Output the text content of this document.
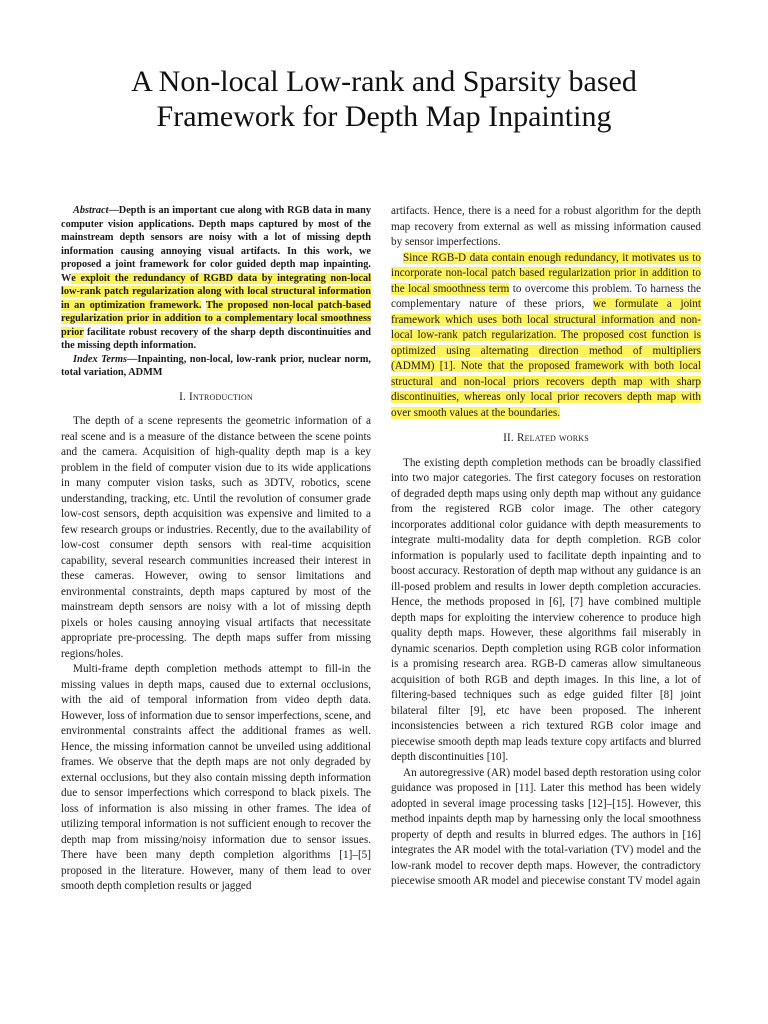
A Non-local Low-rank and Sparsity based Framework for Depth Map Inpainting

Abstract—Depth is an important cue along with RGB data in many computer vision applications. Depth maps captured by most of the mainstream depth sensors are noisy with a lot of missing depth information causing annoying visual artifacts. In this work, we proposed a joint framework for color guided depth map inpainting. We exploit the redundancy of RGBD data by integrating non-local low-rank patch regularization along with local structural information in an optimization framework. The proposed non-local patch-based regularization prior in addition to a complementary local smoothness prior facilitate robust recovery of the sharp depth discontinuities and the missing depth information.

Index Terms—Inpainting, non-local, low-rank prior, nuclear norm, total variation, ADMM

I. Introduction

The depth of a scene represents the geometric information of a real scene and is a measure of the distance between the scene points and the camera. Acquisition of high-quality depth map is a key problem in the field of computer vision due to its wide applications in many computer vision tasks, such as 3DTV, robotics, scene understanding, tracking, etc. Until the revolution of consumer grade low-cost sensors, depth acquisition was expensive and limited to a few research groups or industries. Recently, due to the availability of low-cost consumer depth sensors with real-time acquisition capability, several research communities increased their interest in these cameras. However, owing to sensor limitations and environmental constraints, depth maps captured by most of the mainstream depth sensors are noisy with a lot of missing depth pixels or holes causing annoying visual artifacts that necessitate appropriate pre-processing. The depth maps suffer from missing regions/holes.

Multi-frame depth completion methods attempt to fill-in the missing values in depth maps, caused due to external occlusions, with the aid of temporal information from video depth data. However, loss of information due to sensor imperfections, scene, and environmental constraints affect the additional frames as well. Hence, the missing information cannot be unveiled using additional frames. We observe that the depth maps are not only degraded by external occlusions, but they also contain missing depth information due to sensor imperfections which correspond to black pixels. The loss of information is also missing in other frames. The idea of utilizing temporal information is not sufficient enough to recover the depth map from missing/noisy information due to sensor issues. There have been many depth completion algorithms [1]–[5] proposed in the literature. However, many of them lead to over smooth depth completion results or jagged

artifacts. Hence, there is a need for a robust algorithm for the depth map recovery from external as well as missing information caused by sensor imperfections.

Since RGB-D data contain enough redundancy, it motivates us to incorporate non-local patch based regularization prior in addition to the local smoothness term to overcome this problem. To harness the complementary nature of these priors, we formulate a joint framework which uses both local structural information and non-local low-rank patch regularization. The proposed cost function is optimized using alternating direction method of multipliers (ADMM) [1]. Note that the proposed framework with both local structural and non-local priors recovers depth map with sharp discontinuities, whereas only local prior recovers depth map with over smooth values at the boundaries.

II. Related works

The existing depth completion methods can be broadly classified into two major categories. The first category focuses on restoration of degraded depth maps using only depth map without any guidance from the registered RGB color image. The other category incorporates additional color guidance with depth measurements to integrate multi-modality data for depth completion. RGB color information is popularly used to facilitate depth inpainting and to boost accuracy. Restoration of depth map without any guidance is an ill-posed problem and results in lower depth completion accuracies. Hence, the methods proposed in [6], [7] have combined multiple depth maps for exploiting the interview coherence to produce high quality depth maps. However, these algorithms fail miserably in dynamic scenarios. Depth completion using RGB color information is a promising research area. RGB-D cameras allow simultaneous acquisition of both RGB and depth images. In this line, a lot of filtering-based techniques such as edge guided filter [8] joint bilateral filter [9], etc have been proposed. The inherent inconsistencies between a rich textured RGB color image and piecewise smooth depth map leads texture copy artifacts and blurred depth discontinuities [10].

An autoregressive (AR) model based depth restoration using color guidance was proposed in [11]. Later this method has been widely adopted in several image processing tasks [12]–[15]. However, this method inpaints depth map by harnessing only the local smoothness property of depth and results in blurred edges. The authors in [16] integrates the AR model with the total-variation (TV) model and the low-rank model to recover depth maps. However, the contradictory piecewise smooth AR model and piecewise constant TV model again
